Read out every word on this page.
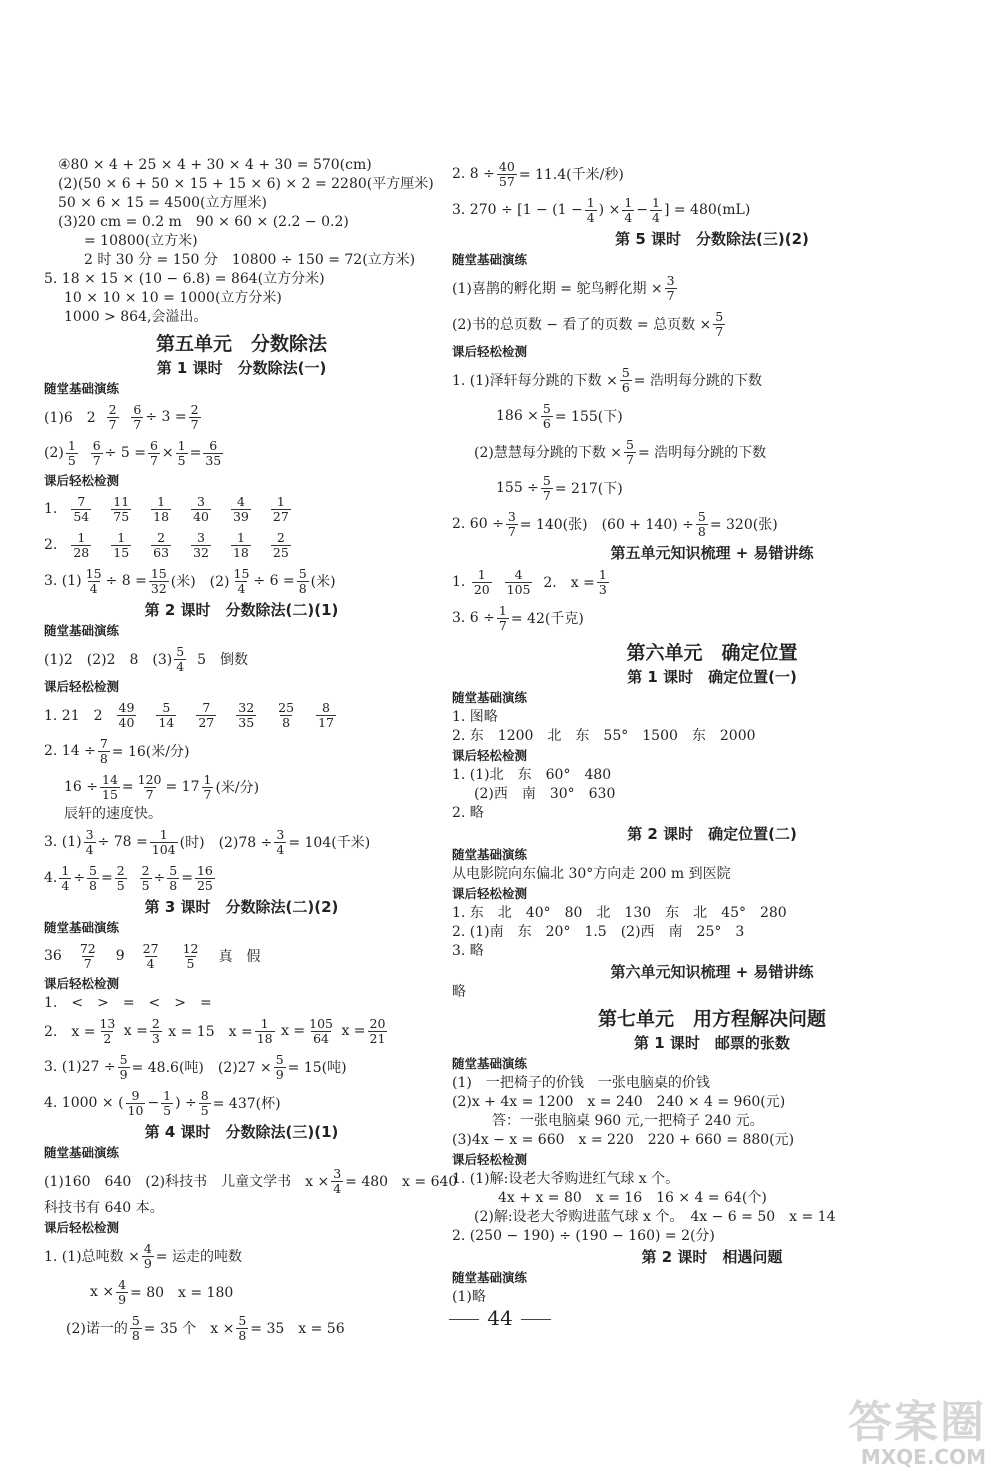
④80 × 4 + 25 × 4 + 30 × 4 + 30 = 570(cm)
(2)(50 × 6 + 50 × 15 + 15 × 6) × 2 = 2280(平方厘米)
50 × 6 × 15 = 4500(立方厘米)
(3)20 cm = 0.2 m　90 × 60 × (2.2 − 0.2)
= 10800(立方米)
2 时 30 分 = 150 分　10800 ÷ 150 = 72(立方米)
5. 18 × 15 × (10 − 6.8) = 864(立方分米)
10 × 10 × 10 = 1000(立方分米)
1000 > 864,会溢出。
第五单元　分数除法
第 1 课时　分数除法(一)
随堂基础演练
(1)6　2
$\frac{2}{7}$
$\frac{6}{7} \div 3 = \frac{2}{7}$
$(2) \frac{1}{5}$
$\frac{6}{7} \div 5 = \frac{6}{7} \times \frac{1}{5} = \frac{6}{35}$
课后轻松检测
1. $\frac{7}{54} \frac{11}{75} \frac{1}{18} \frac{3}{40} \frac{4}{39} \frac{1}{27}$
2. $\frac{1}{28} \frac{1}{15} \frac{2}{63} \frac{3}{32} \frac{1}{18} \frac{2}{25}$
3. $(1) \frac{15}{4} \div 8 = \frac{15}{32}$ (米)　$(2) \frac{15}{4} \div 6 = \frac{5}{8}$ (米)
第 2 课时　分数除法(二)(1)
随堂基础演练
(1)2　(2)2　8　$(3) \frac{5}{4}$
5　倒数
课后轻松检测
1. 21　$2 \frac{49}{40} \frac{5}{14} \frac{7}{27} \frac{32}{35} \frac{25}{8} \frac{8}{17}$
2. $14 \div \frac{7}{8} = 16$(米/分)
$16 \div \frac{14}{15} = \frac{120}{7} = 17 \frac{1}{7}$ (米/分)
辰轩的速度快。
3. $(1) \frac{3}{4} \div 78 = \frac{1}{104}$ (时)　$(2)78 \div \frac{3}{4} = 104$(千米)
4. $\frac{1}{4} \div \frac{5}{8} = \frac{2}{5}$
$\frac{2}{5} \div \frac{5}{8} = \frac{16}{25}$
第 3 课时　分数除法(二)(2)
随堂基础演练
$36 \frac{72}{7} 9 \frac{27}{4} \frac{12}{5}$ 真　假
课后轻松检测
1.　<　>　=　<　>　=
2.　$x = \frac{13}{2}$
$x = \frac{2}{3}$
x = 15　$x = \frac{1}{18}$
$x = \frac{105}{64}$
$x = \frac{20}{21}$
3. $(1)27 \div \frac{5}{9} = 48.6$(吨)　$(2)27 \times \frac{5}{9} = 15$(吨)
4. 1000 × ( $\frac{9}{10} - \frac{1}{5}$ ) ÷ $\frac{8}{5} = 437$(杯)
第 4 课时　分数除法(三)(1)
随堂基础演练
(1)160　640　(2)科技书　儿童文学书　$x \times \frac{3}{4} = 480$　x = 640
科技书有 640 本。
课后轻松检测
1. (1)总吨数 × $\frac{4}{9}$ = 运走的吨数
$x \times \frac{4}{9} = 80$　x = 180
(2)诺一的 $\frac{5}{8} = 35$ 个　$x \times \frac{5}{8} = 35$　x = 56
2. $8 \div \frac{40}{57} = 11.4$(千米/秒)
3. $270 \div [1 - (1 - \frac{1}{4}$ ) × $\frac{1}{4} - \frac{1}{4}$ ] = 480(mL)
第 5 课时　分数除法(三)(2)
随堂基础演练
(1)喜鹊的孵化期 = 鸵鸟孵化期 × $\frac{3}{7}$
(2)书的总页数 − 看了的页数 = 总页数 × $\frac{5}{7}$
课后轻松检测
1. (1)泽轩每分跳的下数 × $\frac{5}{6}$ = 浩明每分跳的下数
$186 \times \frac{5}{6} = 155$(下)
(2)慧慧每分跳的下数 × $\frac{5}{7}$ = 浩明每分跳的下数
$155 \div \frac{5}{7} = 217$(下)
2. $60 \div \frac{3}{7} = 140$(张)　$(60 + 140) \div \frac{5}{8} = 320$(张)
第五单元知识梳理 + 易错讲练
1.
$\frac{1}{20}$
$\frac{4}{105}$
2.　$x = \frac{1}{3}$
3. $6 \div \frac{1}{7} = 42$(千克)
第六单元　确定位置
第 1 课时　确定位置(一)
随堂基础演练
1. 图略
2. 东　1200　北　东　55°　1500　东　2000
课后轻松检测
1. (1)北　东　60°　480
(2)西　南　30°　630
2. 略
第 2 课时　确定位置(二)
随堂基础演练
从电影院向东偏北 30°方向走 200 m 到医院
课后轻松检测
1. 东　北　40°　80　北　130　东　北　45°　280
2. (1)南　东　20°　1.5　(2)西　南　25°　3
3. 略
第六单元知识梳理 + 易错讲练
略
第七单元　用方程解决问题
第 1 课时　邮票的张数
随堂基础演练
(1)　一把椅子的价钱　一张电脑桌的价钱
(2)x + 4x = 1200　x = 240　240 × 4 = 960(元)
答：一张电脑桌 960 元,一把椅子 240 元。
(3)4x − x = 660　x = 220　220 + 660 = 880(元)
课后轻松检测
1. (1)解:设老大爷购进红气球 x 个。
4x + x = 80　x = 16　16 × 4 = 64(个)
(2)解:设老大爷购进蓝气球 x 个。　4x − 6 = 50　x = 14
2. (250 − 190) ÷ (190 − 160) = 2(分)
第 2 课时　相遇问题
随堂基础演练
(1)略
44
答案圈
MXQE.COM
